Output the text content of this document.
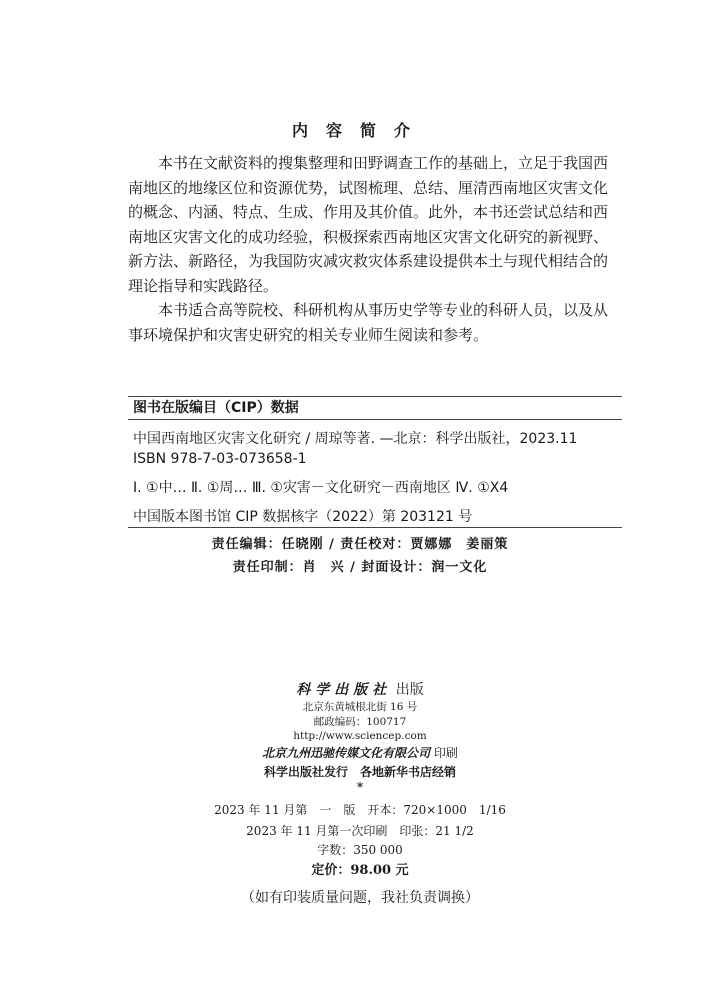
内容简介
　　本书在文献资料的搜集整理和田野调查工作的基础上，立足于我国西
南地区的地缘区位和资源优势，试图梳理、总结、厘清西南地区灾害文化
的概念、内涵、特点、生成、作用及其价值。此外，本书还尝试总结和西
南地区灾害文化的成功经验，积极探索西南地区灾害文化研究的新视野、
新方法、新路径，为我国防灾减灾救灾体系建设提供本土与现代相结合的
理论指导和实践路径。
　　本书适合高等院校、科研机构从事历史学等专业的科研人员，以及从
事环境保护和灾害史研究的相关专业师生阅读和参考。
图书在版编目（CIP）数据
中国西南地区灾害文化研究 / 周琼等著. —北京：科学出版社，2023.11
ISBN 978-7-03-073658-1
Ⅰ. ①中… Ⅱ. ①周… Ⅲ. ①灾害－文化研究－西南地区 Ⅳ. ①X4
中国版本图书馆 CIP 数据核字（2022）第 203121 号
责任编辑：任晓刚 / 责任校对：贾娜娜　姜丽策
责任印制：肖　兴 / 封面设计：润一文化
科学出版社 出版
北京东黄城根北街 16 号
邮政编码：100717
http://www.sciencep.com
北京九州迅驰传媒文化有限公司 印刷
科学出版社发行　各地新华书店经销
*
2023 年 11 月第　一　版　开本：720×1000　1/16
2023 年 11 月第一次印刷　印张：21 1/2
字数：350 000
定价：98.00 元
（如有印装质量问题，我社负责调换）
